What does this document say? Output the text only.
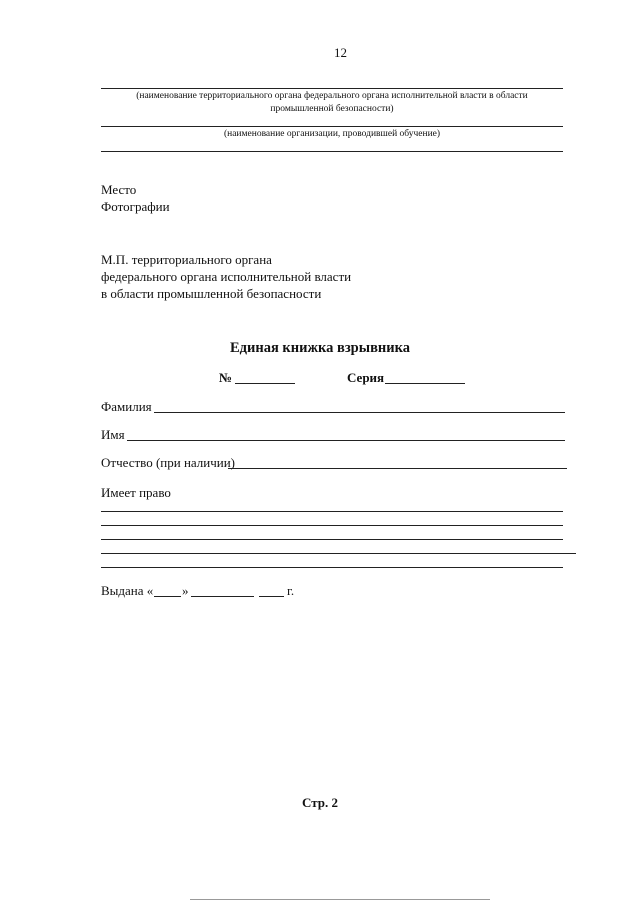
12
(наименование территориального органа федерального органа исполнительной власти в области
промышленной безопасности)
(наименование организации, проводившей обучение)
Место
Фотографии
М.П. территориального органа
федерального органа исполнительной власти
в области промышленной безопасности
Единая книжка взрывника
№	Серия
Фамилия
Имя
Отчество (при наличии)
Имеет право
Выдана « »	г.
Стр. 2
